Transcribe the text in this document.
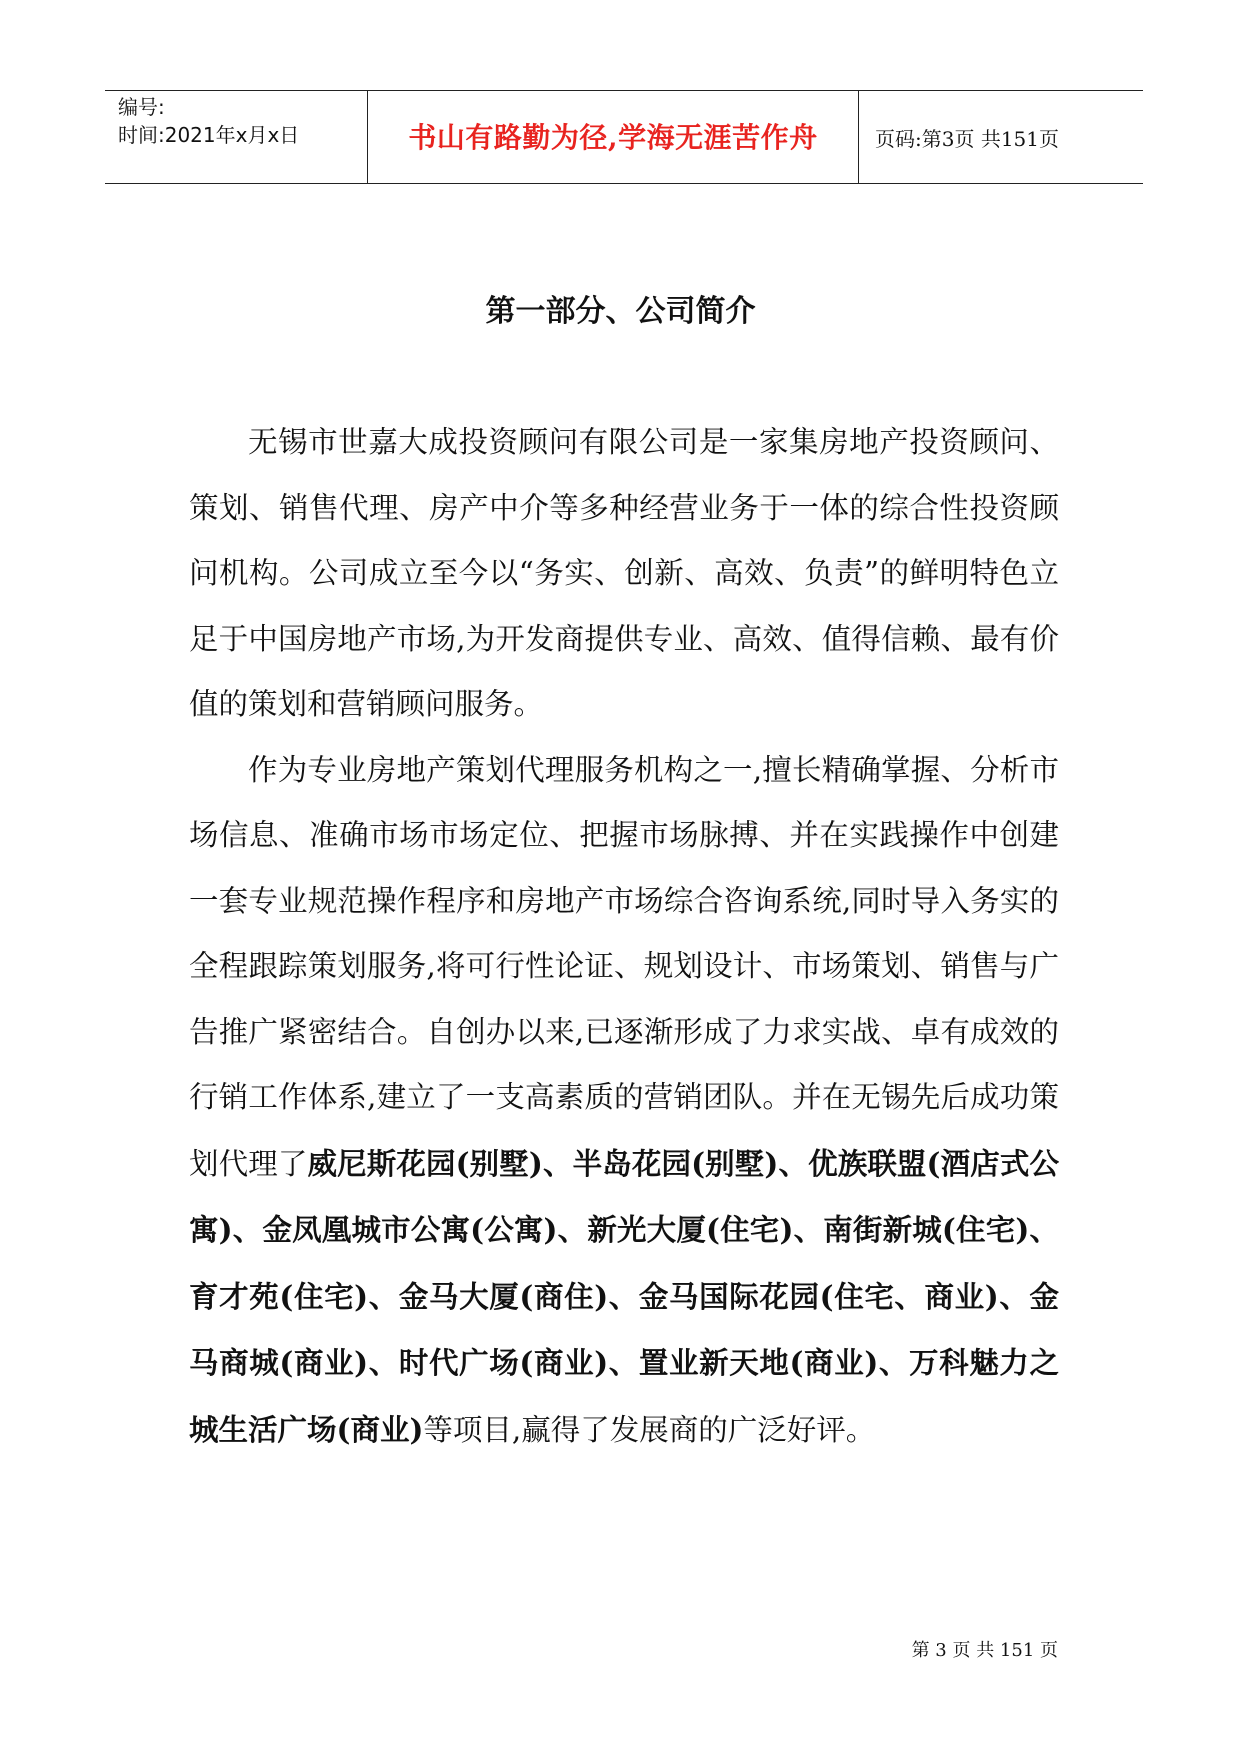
编号:
时间:2021年x月x日	书山有路勤为径,学海无涯苦作舟	页码:第3页 共151页
第一部分、公司简介

无锡市世嘉大成投资顾问有限公司是一家集房地产投资顾问、策划、销售代理、房产中介等多种经营业务于一体的综合性投资顾问机构。公司成立至今以“务实、创新、高效、负责”的鲜明特色立足于中国房地产市场,为开发商提供专业、高效、值得信赖、最有价值的策划和营销顾问服务。

作为专业房地产策划代理服务机构之一,擅长精确掌握、分析市场信息、准确市场市场定位、把握市场脉搏、并在实践操作中创建一套专业规范操作程序和房地产市场综合咨询系统,同时导入务实的全程跟踪策划服务,将可行性论证、规划设计、市场策划、销售与广告推广紧密结合。自创办以来,已逐渐形成了力求实战、卓有成效的行销工作体系,建立了一支高素质的营销团队。并在无锡先后成功策划代理了威尼斯花园(别墅)、半岛花园(别墅)、优族联盟(酒店式公寓)、金凤凰城市公寓(公寓)、新光大厦(住宅)、南街新城(住宅)、育才苑(住宅)、金马大厦(商住)、金马国际花园(住宅、商业)、金马商城(商业)、时代广场(商业)、置业新天地(商业)、万科魅力之城生活广场(商业)等项目,赢得了发展商的广泛好评。

第 3 页 共 151 页
